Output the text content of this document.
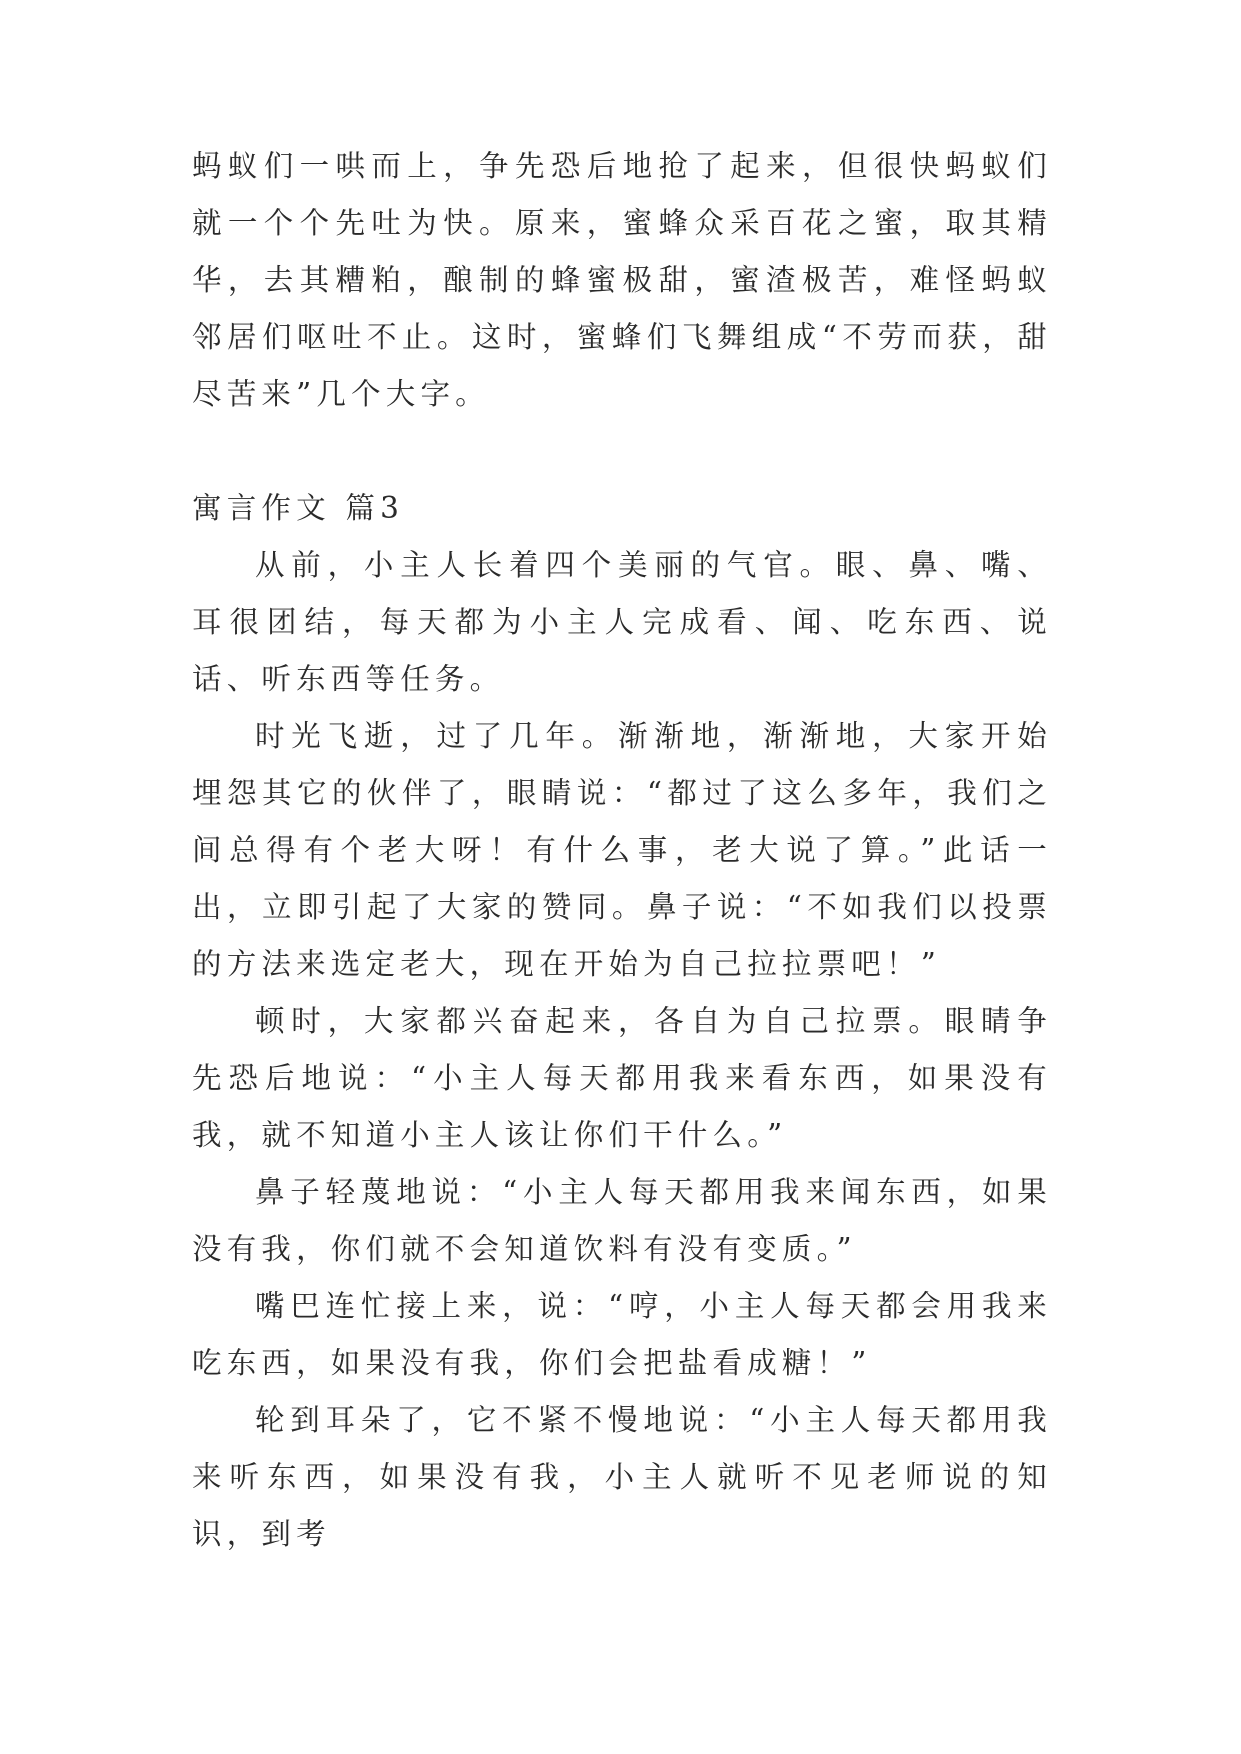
蚂蚁们一哄而上，争先恐后地抢了起来，但很快蚂蚁们就一个个先吐为快。原来，蜜蜂众采百花之蜜，取其精华，去其糟粕，酿制的蜂蜜极甜，蜜渣极苦，难怪蚂蚁邻居们呕吐不止。这时，蜜蜂们飞舞组成“不劳而获，甜尽苦来”几个大字。

寓言作文 篇3

从前，小主人长着四个美丽的气官。眼、鼻、嘴、耳很团结，每天都为小主人完成看、闻、吃东西、说话、听东西等任务。

时光飞逝，过了几年。渐渐地，渐渐地，大家开始埋怨其它的伙伴了，眼睛说：“都过了这么多年，我们之间总得有个老大呀！有什么事，老大说了算。”此话一出，立即引起了大家的赞同。鼻子说：“不如我们以投票的方法来选定老大，现在开始为自己拉拉票吧！”

顿时，大家都兴奋起来，各自为自己拉票。眼睛争先恐后地说：“小主人每天都用我来看东西，如果没有我，就不知道小主人该让你们干什么。”

鼻子轻蔑地说：“小主人每天都用我来闻东西，如果没有我，你们就不会知道饮料有没有变质。”

嘴巴连忙接上来，说：“哼，小主人每天都会用我来吃东西，如果没有我，你们会把盐看成糖！”

轮到耳朵了，它不紧不慢地说：“小主人每天都用我来听东西，如果没有我，小主人就听不见老师说的知识，到考
